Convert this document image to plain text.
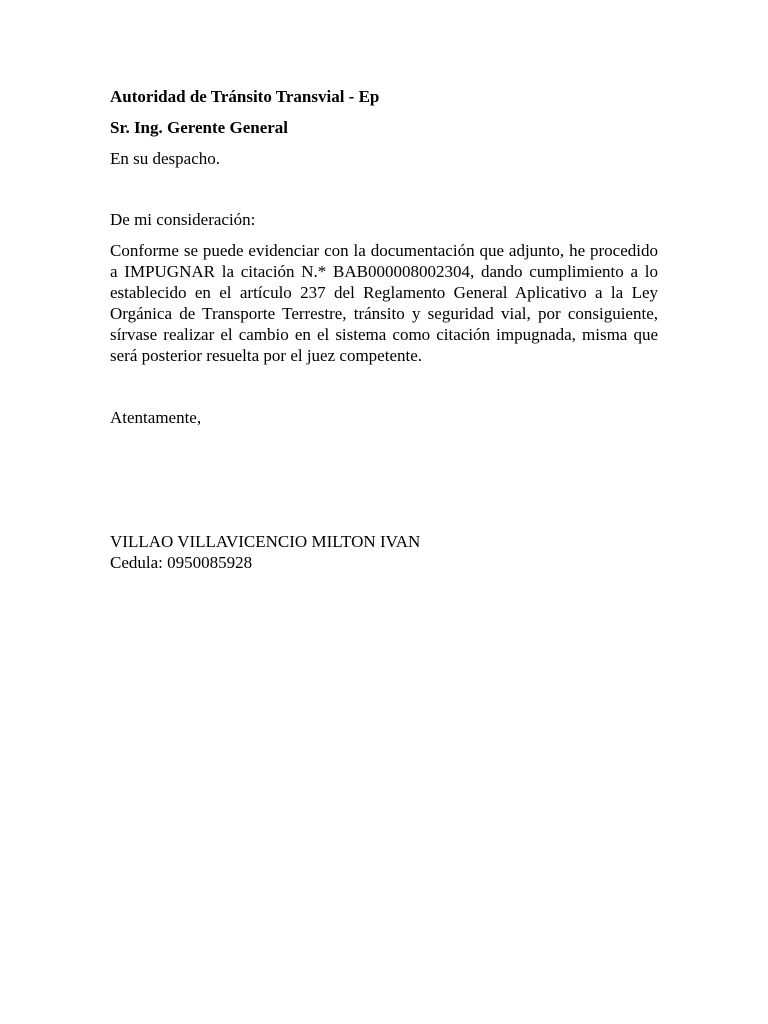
Autoridad de Tránsito Transvial - Ep

Sr. Ing. Gerente General

En su despacho.

De mi consideración:

Conforme se puede evidenciar con la documentación que adjunto, he procedido a IMPUGNAR la citación N.* BAB000008002304, dando cumplimiento a lo establecido en el artículo 237 del Reglamento General Aplicativo a la Ley Orgánica de Transporte Terrestre, tránsito y seguridad vial, por consiguiente, sírvase realizar el cambio en el sistema como citación impugnada, misma que será posterior resuelta por el juez competente.

Atentamente,

VILLAO VILLAVICENCIO MILTON IVAN

Cedula: 0950085928
